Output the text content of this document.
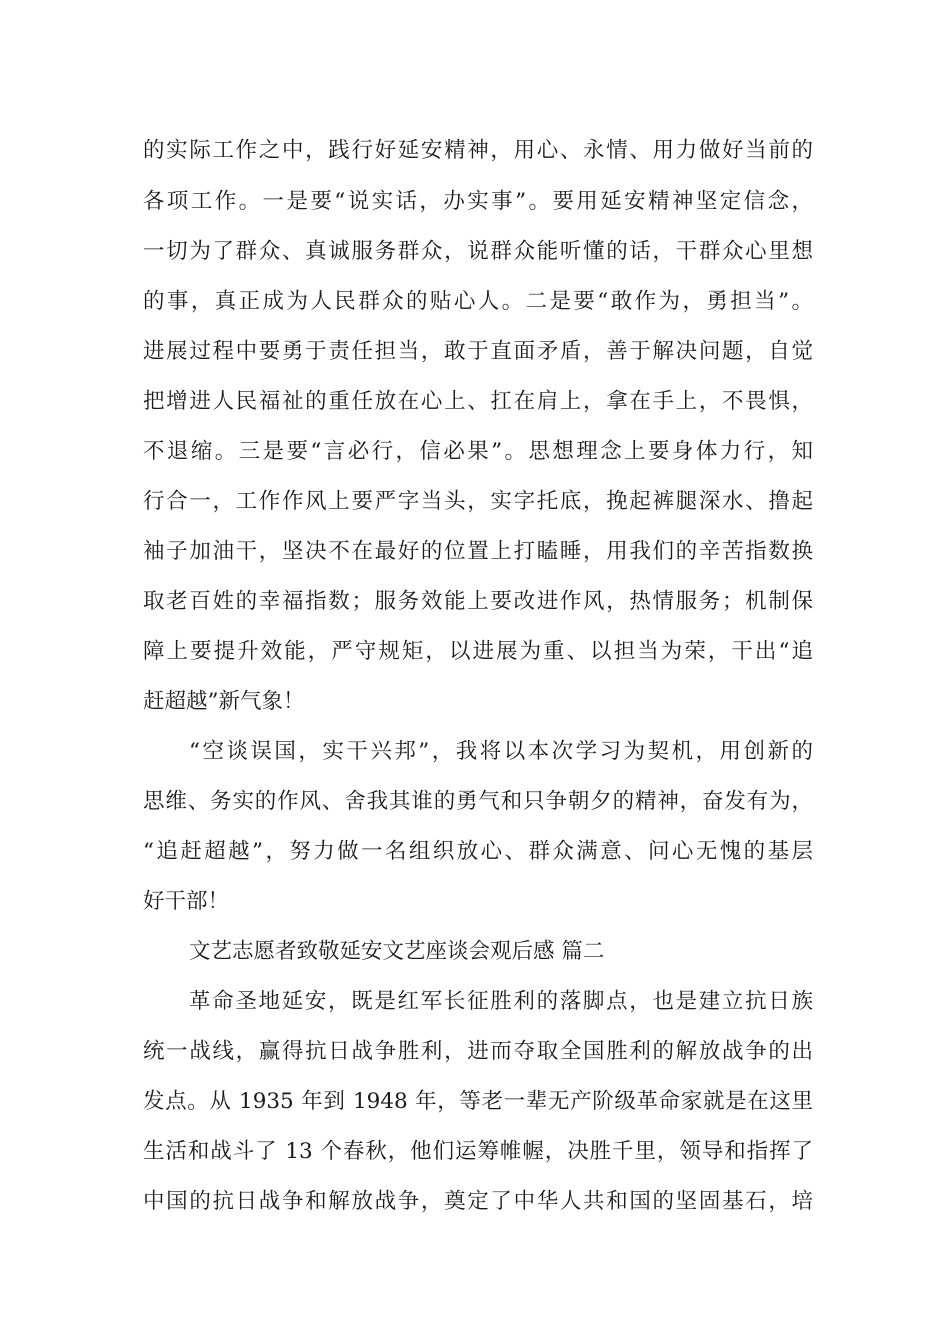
的实际工作之中，践行好延安精神，用心、永情、用力做好当前的
各项工作。一是要“说实话，办实事”。要用延安精神坚定信念，
一切为了群众、真诚服务群众，说群众能听懂的话，干群众心里想
的事，真正成为人民群众的贴心人。二是要“敢作为，勇担当”。
进展过程中要勇于责任担当，敢于直面矛盾，善于解决问题，自觉
把增进人民福祉的重任放在心上、扛在肩上，拿在手上，不畏惧，
不退缩。三是要“言必行，信必果”。思想理念上要身体力行，知
行合一，工作作风上要严字当头，实字托底，挽起裤腿深水、撸起
袖子加油干，坚决不在最好的位置上打瞌睡，用我们的辛苦指数换
取老百姓的幸福指数；服务效能上要改进作风，热情服务；机制保
障上要提升效能，严守规矩，以进展为重、以担当为荣，干出“追
赶超越”新气象！
“空谈误国，实干兴邦”，我将以本次学习为契机，用创新的
思维、务实的作风、舍我其谁的勇气和只争朝夕的精神，奋发有为，
“追赶超越”，努力做一名组织放心、群众满意、问心无愧的基层
好干部！
文艺志愿者致敬延安文艺座谈会观后感 篇二
革命圣地延安，既是红军长征胜利的落脚点，也是建立抗日族
统一战线，赢得抗日战争胜利，进而夺取全国胜利的解放战争的出
发点。从 1935 年到 1948 年，等老一辈无产阶级革命家就是在这里
生活和战斗了 13 个春秋，他们运筹帷幄，决胜千里，领导和指挥了
中国的抗日战争和解放战争，奠定了中华人共和国的坚固基石，培
